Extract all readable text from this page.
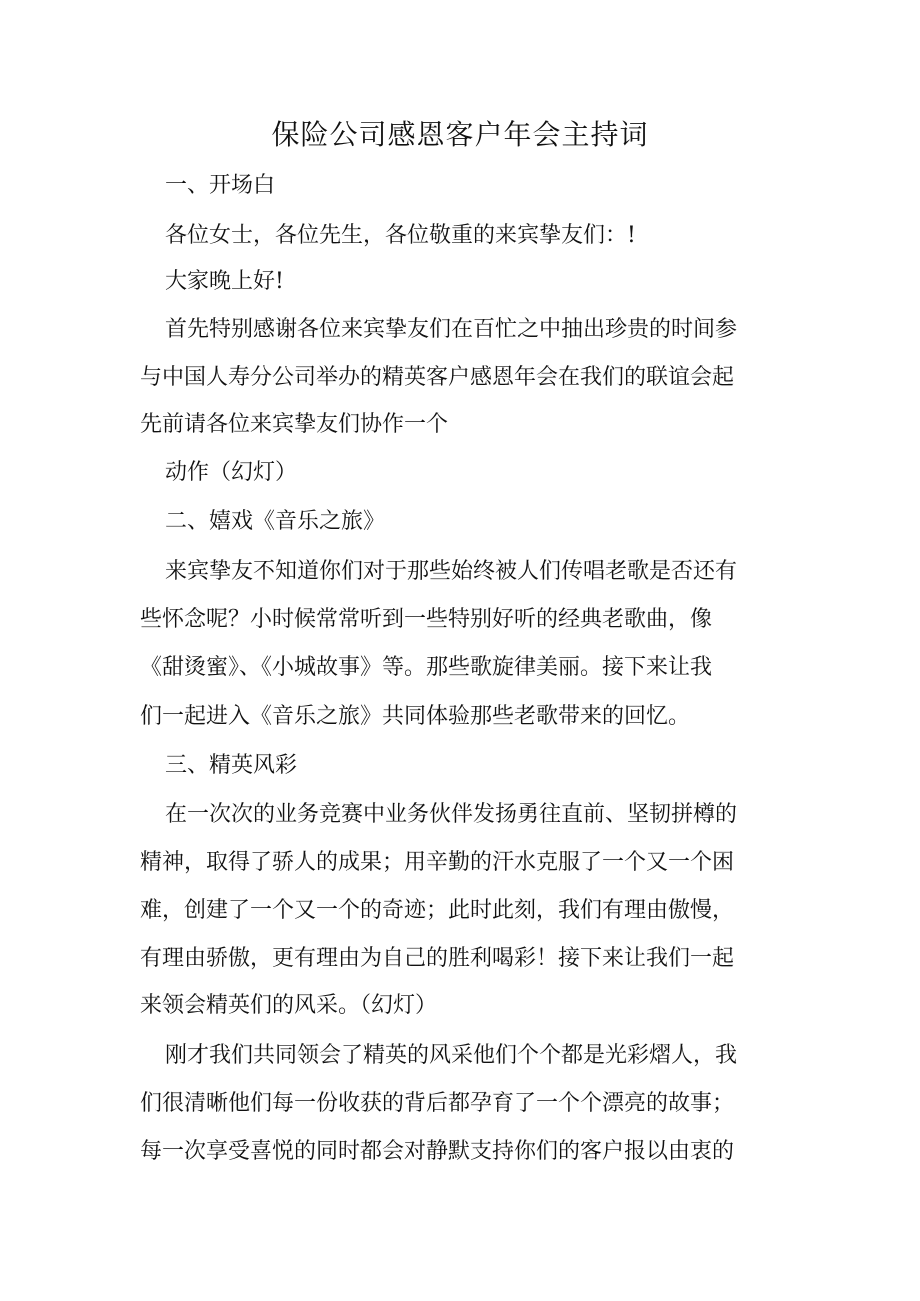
保险公司感恩客户年会主持词

一、开场白

各位女士，各位先生，各位敬重的来宾挚友们：!

大家晚上好!

首先特别感谢各位来宾挚友们在百忙之中抽出珍贵的时间参

与中国人寿分公司举办的精英客户感恩年会在我们的联谊会起

先前请各位来宾挚友们协作一个

动作（幻灯）

二、嬉戏《音乐之旅》

来宾挚友不知道你们对于那些始终被人们传唱老歌是否还有

些怀念呢？小时候常常听到一些特别好听的经典老歌曲，像

《甜烫蜜》、《小城故事》等。那些歌旋律美丽。接下来让我

们一起进入《音乐之旅》共同体验那些老歌带来的回忆。

三、精英风彩

在一次次的业务竞赛中业务伙伴发扬勇往直前、坚韧拼樽的

精神，取得了骄人的成果；用辛勤的汗水克服了一个又一个困

难，创建了一个又一个的奇迹；此时此刻，我们有理由傲慢，

有理由骄傲，更有理由为自己的胜利喝彩！接下来让我们一起

来领会精英们的风采。（幻灯）

刚才我们共同领会了精英的风采他们个个都是光彩熠人，我

们很清晰他们每一份收获的背后都孕育了一个个漂亮的故事；

每一次享受喜悦的同时都会对静默支持你们的客户报以由衷的
